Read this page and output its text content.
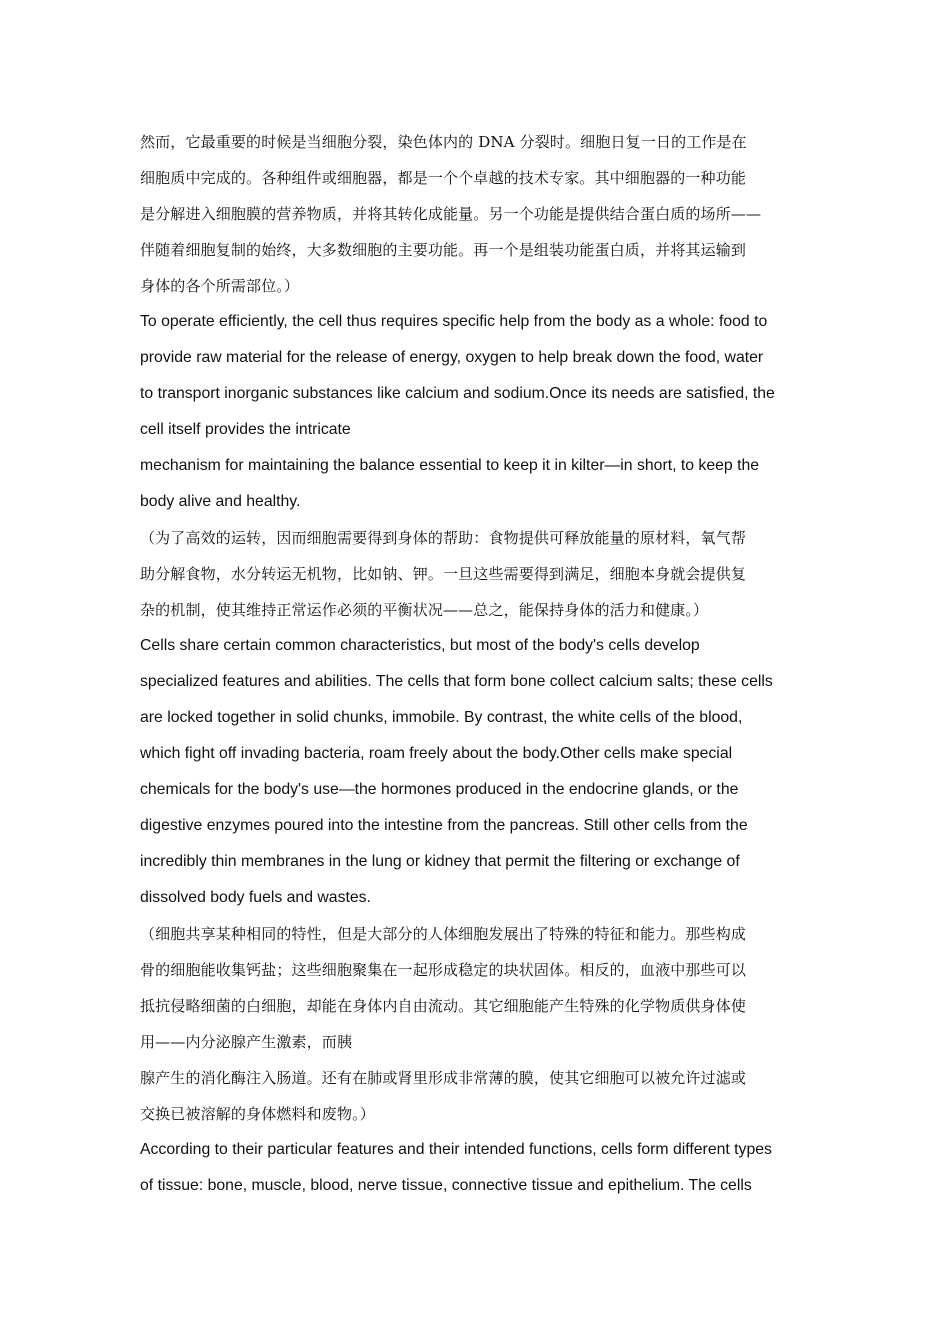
然而，它最重要的时候是当细胞分裂，染色体内的 DNA 分裂时。细胞日复一日的工作是在
细胞质中完成的。各种组件或细胞器，都是一个个卓越的技术专家。其中细胞器的一种功能
是分解进入细胞膜的营养物质，并将其转化成能量。另一个功能是提供结合蛋白质的场所——
伴随着细胞复制的始终，大多数细胞的主要功能。再一个是组装功能蛋白质，并将其运输到
身体的各个所需部位。）
To operate efficiently, the cell thus requires specific help from the body as a whole: food to
provide raw material for the release of energy, oxygen to help break down the food, water
to transport inorganic substances like calcium and sodium.Once its needs are satisfied, the
cell itself provides the intricate
mechanism for maintaining the balance essential to keep it in kilter—in short, to keep the
body alive and healthy.
（为了高效的运转，因而细胞需要得到身体的帮助：食物提供可释放能量的原材料，氧气帮
助分解食物，水分转运无机物，比如钠、钾。一旦这些需要得到满足，细胞本身就会提供复
杂的机制，使其维持正常运作必须的平衡状况——总之，能保持身体的活力和健康。）
Cells share certain common characteristics, but most of the body's cells develop
specialized features and abilities. The cells that form bone collect calcium salts; these cells
are locked together in solid chunks, immobile. By contrast, the white cells of the blood,
which fight off invading bacteria, roam freely about the body.Other cells make special
chemicals for the body's use—the hormones produced in the endocrine glands, or the
digestive enzymes poured into the intestine from the pancreas. Still other cells from the
incredibly thin membranes in the lung or kidney that permit the filtering or exchange of
dissolved body fuels and wastes.
（细胞共享某种相同的特性，但是大部分的人体细胞发展出了特殊的特征和能力。那些构成
骨的细胞能收集钙盐；这些细胞聚集在一起形成稳定的块状固体。相反的，血液中那些可以
抵抗侵略细菌的白细胞，却能在身体内自由流动。其它细胞能产生特殊的化学物质供身体使
用——内分泌腺产生激素，而胰
腺产生的消化酶注入肠道。还有在肺或肾里形成非常薄的膜，使其它细胞可以被允许过滤或
交换已被溶解的身体燃料和废物。）
According to their particular features and their intended functions, cells form different types
of tissue: bone, muscle, blood, nerve tissue, connective tissue and epithelium. The cells
